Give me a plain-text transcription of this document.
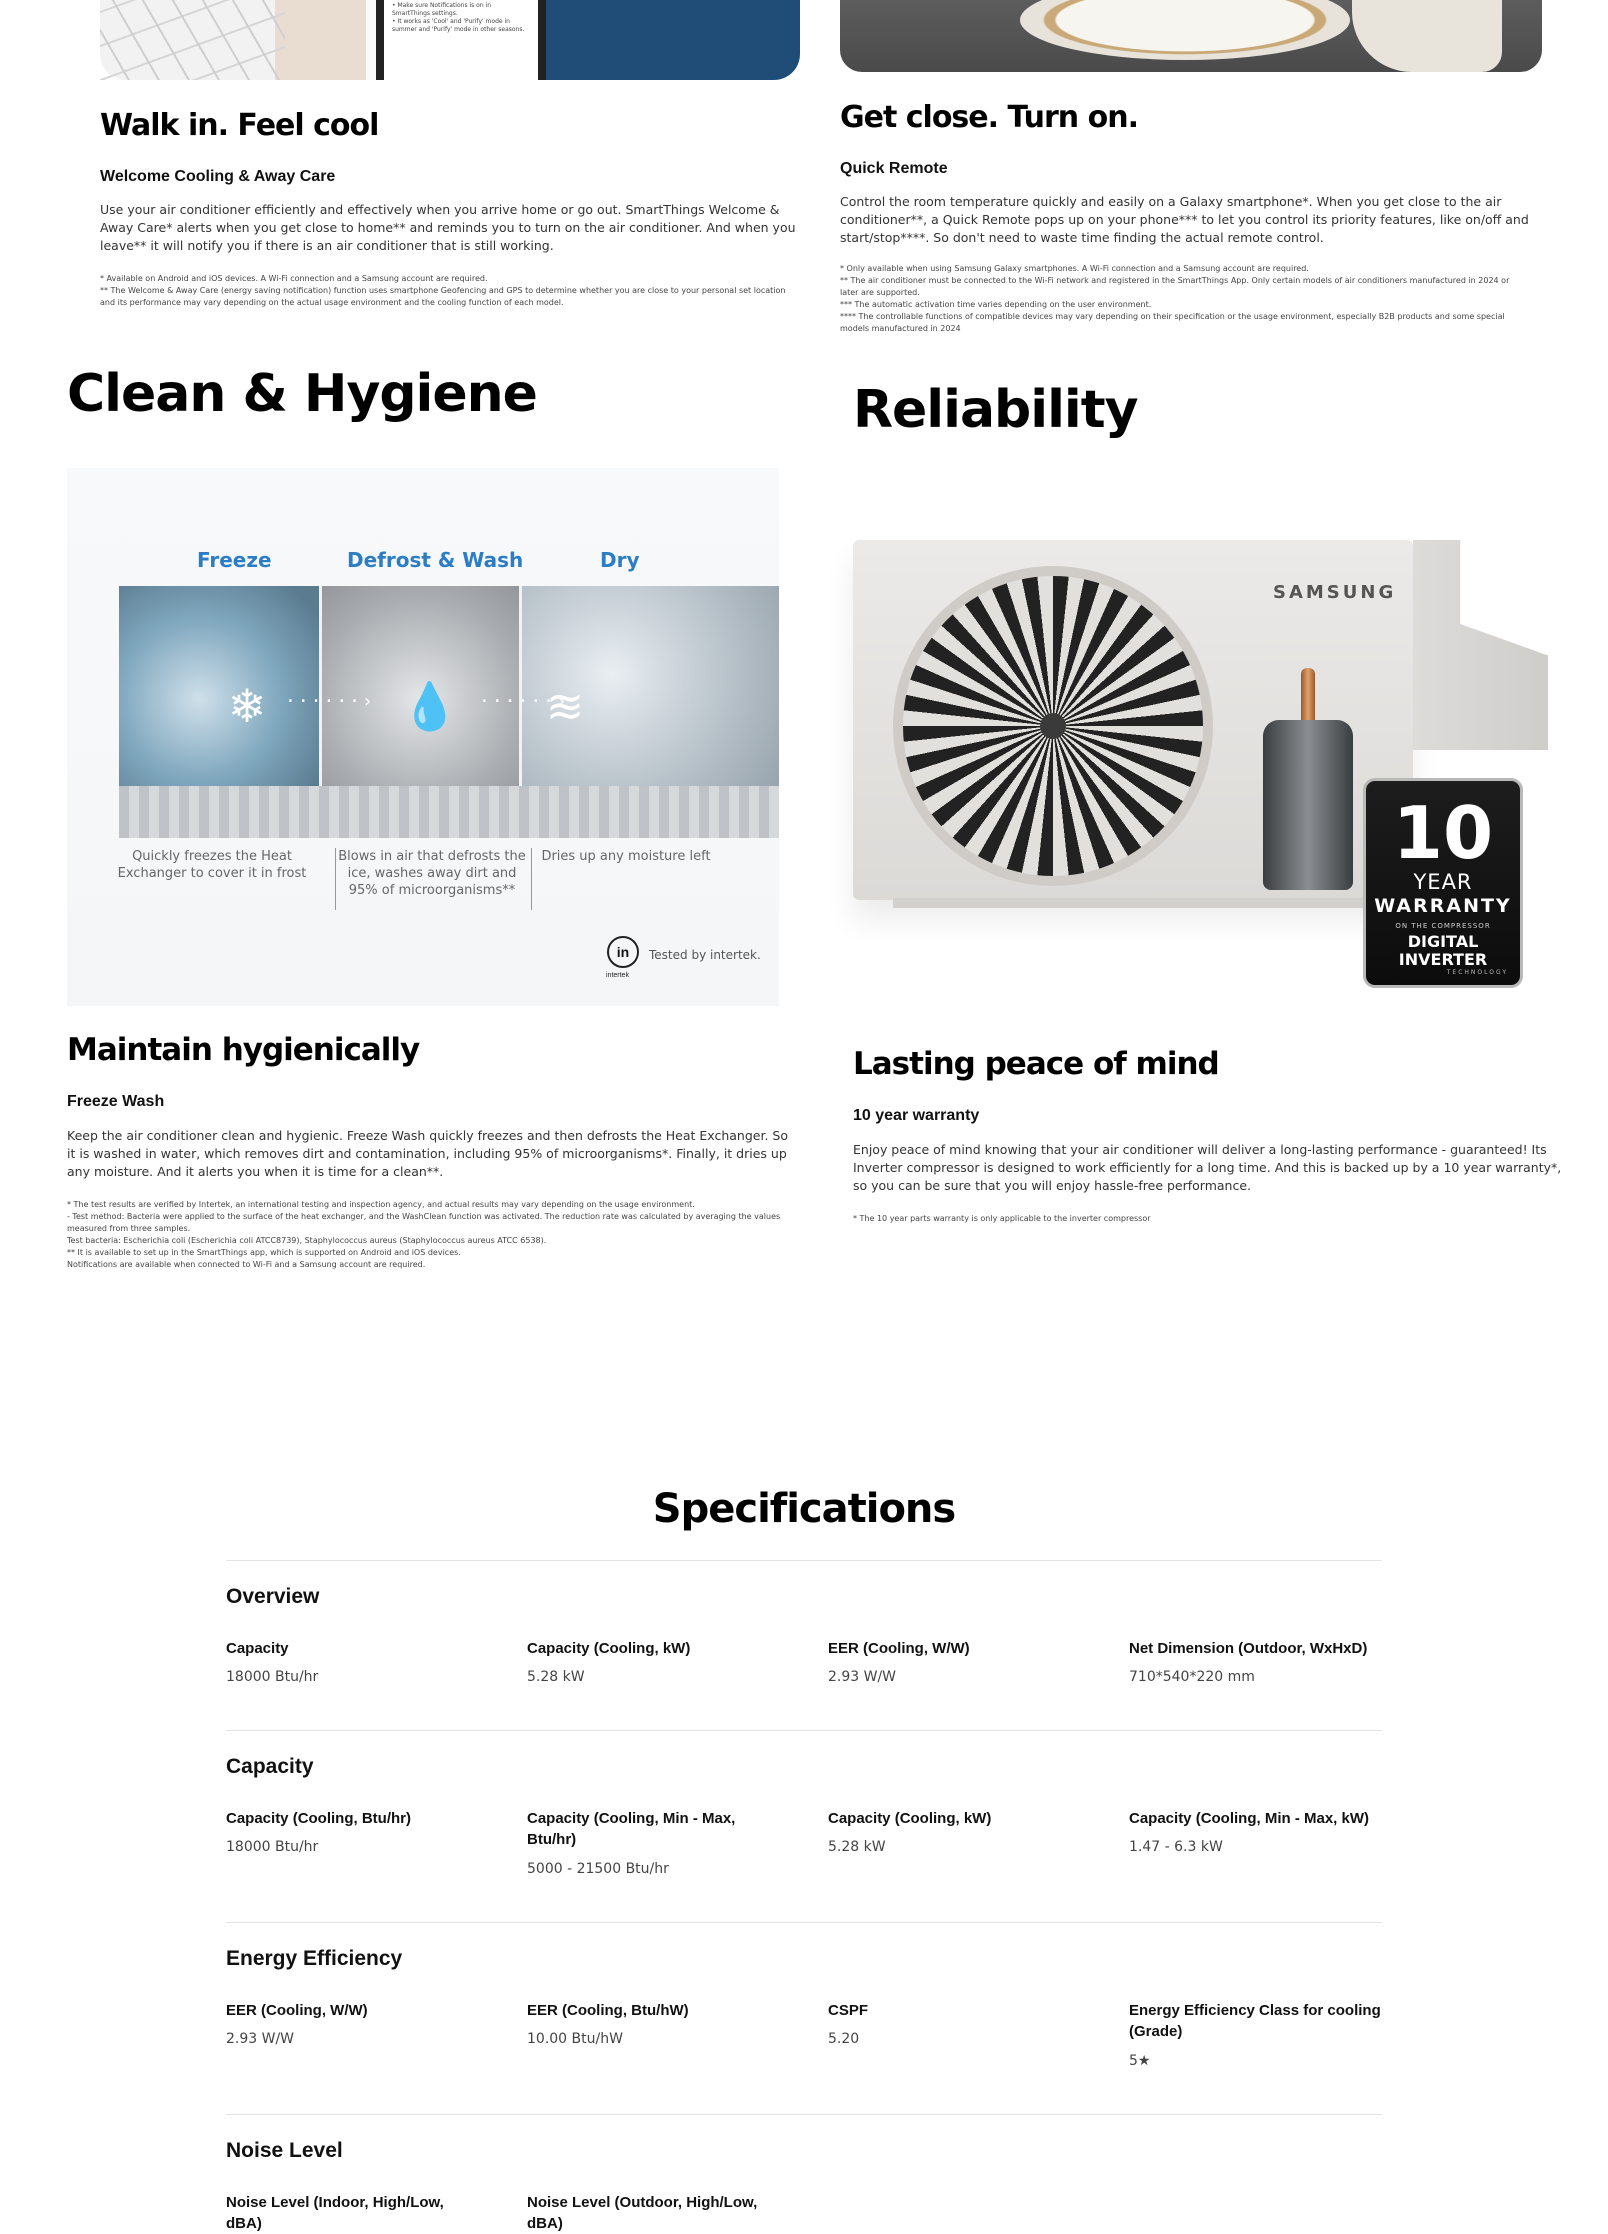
• Make sure Notifications is on in SmartThings settings.
• It works as 'Cool' and 'Purify' mode in summer and 'Purify' mode in other seasons.
Walk in. Feel cool
Welcome Cooling & Away Care
Use your air conditioner efficiently and effectively when you arrive home or go out. SmartThings Welcome & Away Care* alerts when you get close to home** and reminds you to turn on the air conditioner. And when you leave** it will notify you if there is an air conditioner that is still working.
* Available on Android and iOS devices. A Wi-Fi connection and a Samsung account are required.
** The Welcome & Away Care (energy saving notification) function uses smartphone Geofencing and GPS to determine whether you are close to your personal set location and its performance may vary depending on the actual usage environment and the cooling function of each model.
Get close. Turn on.
Quick Remote
Control the room temperature quickly and easily on a Galaxy smartphone*. When you get close to the air conditioner**, a Quick Remote pops up on your phone*** to let you control its priority features, like on/off and start/stop****. So don't need to waste time finding the actual remote control.
* Only available when using Samsung Galaxy smartphones. A Wi-Fi connection and a Samsung account are required.
** The air conditioner must be connected to the Wi-Fi network and registered in the SmartThings App. Only certain models of air conditioners manufactured in 2024 or later are supported.
*** The automatic activation time varies depending on the user environment.
**** The controllable functions of compatible devices may vary depending on their specification or the usage environment, especially B2B products and some special models manufactured in 2024
Clean & Hygiene	Reliability
Freeze	Defrost & Wash	Dry
❄	······› 💧 ······›
≋
Quickly freezes the Heat Exchanger to cover it in frost
Blows in air that defrosts the ice, washes away dirt and 95% of microorganisms**
Dries up any moisture left
in
intertek
Tested by intertek.
SAMSUNG
10
YEAR
WARRANTY
ON THE COMPRESSOR
DIGITAL INVERTER
TECHNOLOGY
Maintain hygienically
Freeze Wash
Keep the air conditioner clean and hygienic. Freeze Wash quickly freezes and then defrosts the Heat Exchanger. So it is washed in water, which removes dirt and contamination, including 95% of microorganisms*. Finally, it dries up any moisture. And it alerts you when it is time for a clean**.
* The test results are verified by Intertek, an international testing and inspection agency, and actual results may vary depending on the usage environment.
- Test method: Bacteria were applied to the surface of the heat exchanger, and the WashClean function was activated. The reduction rate was calculated by averaging the values measured from three samples.
Test bacteria: Escherichia coli (Escherichia coli ATCC8739), Staphylococcus aureus (Staphylococcus aureus ATCC 6538).
** It is available to set up in the SmartThings app, which is supported on Android and iOS devices.
Notifications are available when connected to Wi-Fi and a Samsung account are required.
Lasting peace of mind
10 year warranty
Enjoy peace of mind knowing that your air conditioner will deliver a long-lasting performance - guaranteed! Its Inverter compressor is designed to work efficiently for a long time. And this is backed up by a 10 year warranty*, so you can be sure that you will enjoy hassle-free performance.
* The 10 year parts warranty is only applicable to the inverter compressor
Specifications
Overview
Capacity
18000 Btu/hr
Capacity (Cooling, kW)
5.28 kW
EER (Cooling, W/W)
2.93 W/W
Net Dimension (Outdoor, WxHxD)
710*540*220 mm
Capacity
Capacity (Cooling, Btu/hr)
18000 Btu/hr
Capacity (Cooling, Min - Max, Btu/hr)
5000 - 21500 Btu/hr
Capacity (Cooling, kW)
5.28 kW
Capacity (Cooling, Min - Max, kW)
1.47 - 6.3 kW
Energy Efficiency
EER (Cooling, W/W)
2.93 W/W
EER (Cooling, Btu/hW)
10.00 Btu/hW
CSPF
5.20
Energy Efficiency Class for cooling (Grade)
5★
Noise Level
Noise Level (Indoor, High/Low, dBA)
Noise Level (Outdoor, High/Low, dBA)
